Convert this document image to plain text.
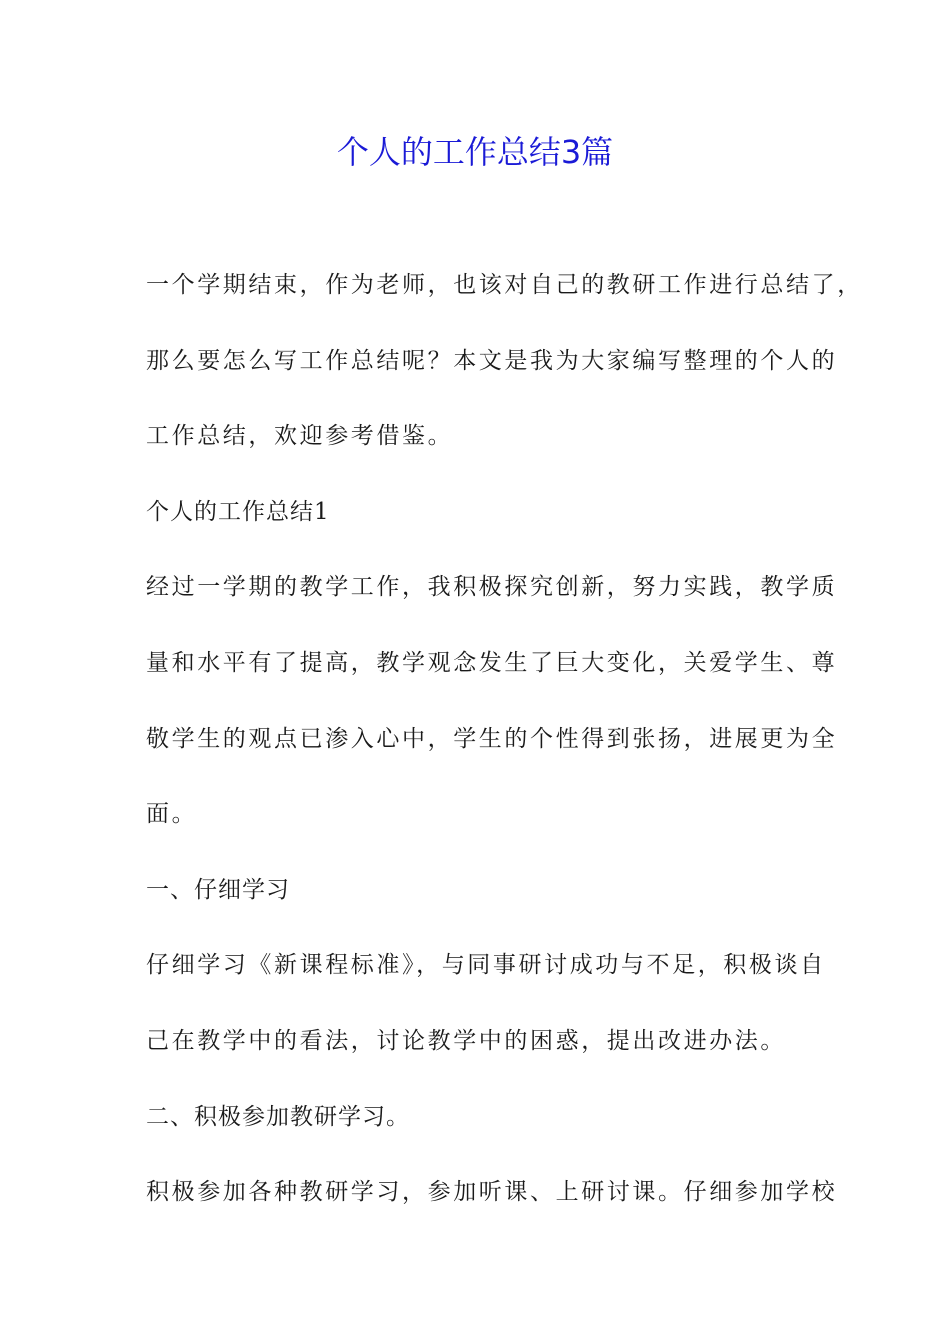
个人的工作总结3篇

一个学期结束，作为老师，也该对自己的教研工作进行总结了，

那么要怎么写工作总结呢？本文是我为大家编写整理的个人的

工作总结，欢迎参考借鉴。

个人的工作总结1

经过一学期的教学工作，我积极探究创新，努力实践，教学质

量和水平有了提高，教学观念发生了巨大变化，关爱学生、尊

敬学生的观点已渗入心中，学生的个性得到张扬，进展更为全

面。

一、仔细学习

仔细学习《新课程标准》，与同事研讨成功与不足，积极谈自

己在教学中的看法，讨论教学中的困惑，提出改进办法。

二、积极参加教研学习。

积极参加各种教研学习，参加听课、上研讨课。仔细参加学校
